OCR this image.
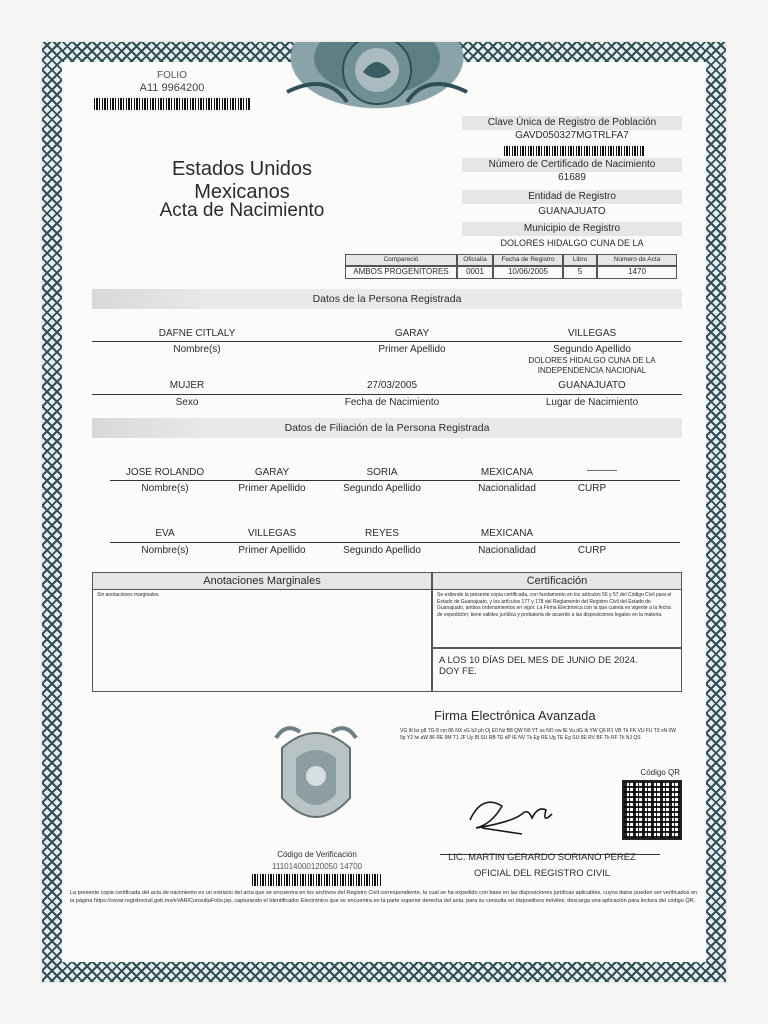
FOLIO
A11 9964200
Clave Única de Registro de Población
GAVD050327MGTRLFA7
Número de Certificado de Nacimiento
61689
Entidad de Registro
GUANAJUATO
Municipio de Registro
DOLORES HIDALGO CUNA DE LA
Estados Unidos Mexicanos
Acta de Nacimiento
Compareció	Oficialía	Fecha de Registro	Libro	Número de Acta
AMBOS PROGENITORES	0001	10/06/2005	5	1470
Datos de la Persona Registrada
DAFNE CITLALY	GARAY	VILLEGAS
Nombre(s)	Primer Apellido	Segundo Apellido
DOLORES HIDALGO CUNA DE LA INDEPENDENCIA NACIONAL
MUJER	27/03/2005	GUANAJUATO
Sexo	Fecha de Nacimiento	Lugar de Nacimiento
Datos de Filiación de la Persona Registrada
JOSE ROLANDO	GARAY	SORIA	MEXICANA	———
Nombre(s)	Primer Apellido	Segundo Apellido	Nacionalidad	CURP
EVA	VILLEGAS	REYES	MEXICANA
Nombre(s)	Primer Apellido	Segundo Apellido	Nacionalidad	CURP
Anotaciones Marginales
Sin anotaciones marginales
Certificación
Se extiende la presente copia certificada, con fundamento en los artículos 56 y 57 del Código Civil para el Estado de Guanajuato, y los artículos 177 y 178 del Reglamento del Registro Civil del Estado de Guanajuato, ambos ordenamientos en vigor. La Firma Electrónica con la que cuenta es vigente a la fecha de expedición; tiene validez jurídica y probatoria de acuerdo a las disposiciones legales en la materia.
A LOS 10 DÍAS DEL MES DE JUNIO DE 2024.
DOY FE.
Firma Electrónica Avanzada
VG 9t bz p8 TG 8 cm 86 NX xG b2 ph Oj E0 Nz B8 QW N0 YT os NO ow fE Vu dG Ik YW Q6 R1 VB Tk FK VU FU T3 xN 0W 5p Y2 lw aW 86 RE 9M T1 JF Uy Bl SU RB TE dP IE NV Tk Eg RE Ug TE Eg SU 5E RV BF Tk RF Tk NJ QS
Código QR
LIC. MARTIN GERARDO SORIANO PEREZ
OFICIAL DEL REGISTRO CIVIL
Código de Verificación
111014000120050 14700
La presente copia certificada del acta de nacimiento es un extracto del acta que se encuentra en los archivos del Registro Civil correspondiente, la cual se ha expedido con base en las disposiciones jurídicas aplicables, cuyos datos pueden ser verificados en la página https://cevar.registrocivil.gob.mx/eVAR/ConsultaFolio.jsp, capturando el Identificador Electrónico que se encuentra en la parte superior derecha del acta; para su consulta en dispositivos móviles, descarga una aplicación para lectura del código QR.
